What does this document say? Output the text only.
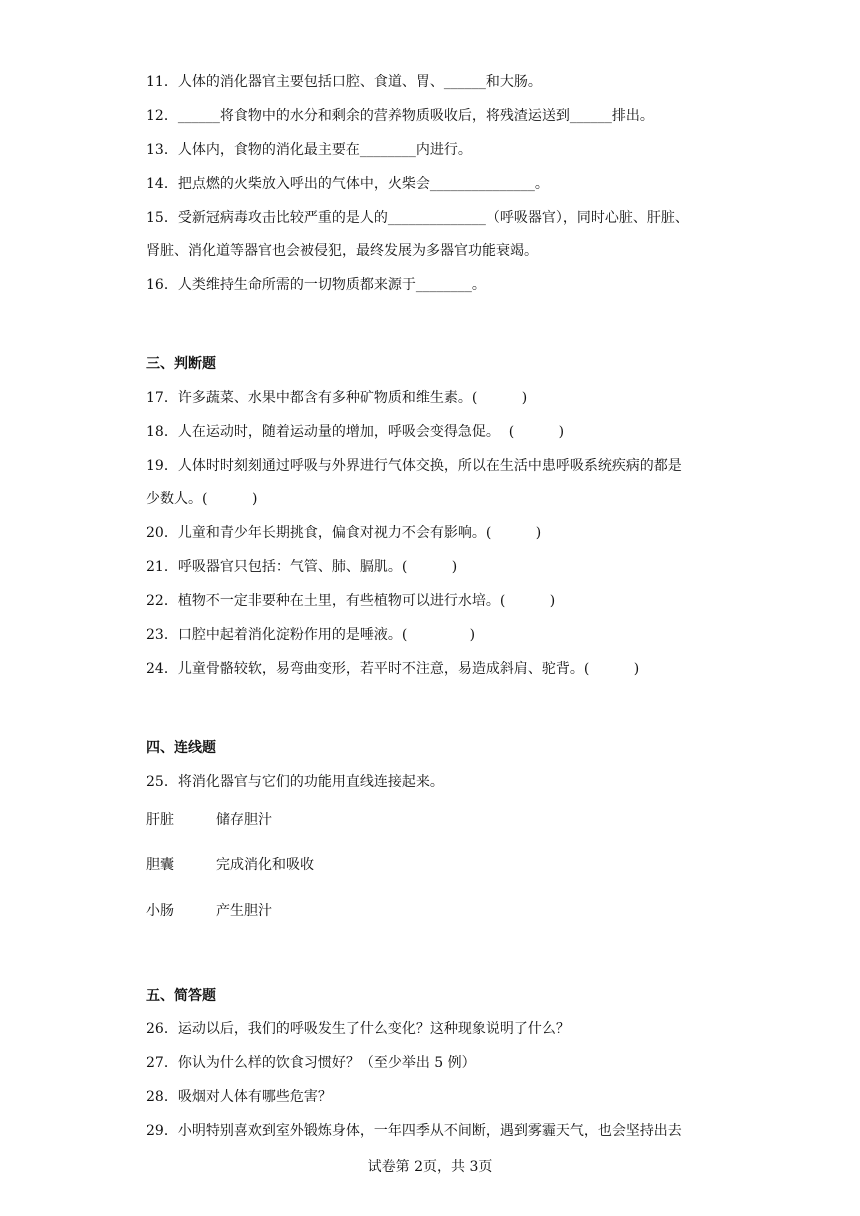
11．人体的消化器官主要包括口腔、食道、胃、______和大肠。
12．______将食物中的水分和剩余的营养物质吸收后，将残渣运送到______排出。
13．人体内，食物的消化最主要在________内进行。
14．把点燃的火柴放入呼出的气体中，火柴会_______________。
15．受新冠病毒攻击比较严重的是人的______________（呼吸器官），同时心脏、肝脏、
肾脏、消化道等器官也会被侵犯，最终发展为多器官功能衰竭。
16．人类维持生命所需的一切物质都来源于________。
三、判断题
17．许多蔬菜、水果中都含有多种矿物质和维生素。(          )
18．人在运动时，随着运动量的增加，呼吸会变得急促。  (          )
19．人体时时刻刻通过呼吸与外界进行气体交换，所以在生活中患呼吸系统疾病的都是
少数人。(          )
20．儿童和青少年长期挑食，偏食对视力不会有影响。(          )
21．呼吸器官只包括：气管、肺、膈肌。(          )
22．植物不一定非要种在土里，有些植物可以进行水培。(          )
23．口腔中起着消化淀粉作用的是唾液。(              )
24．儿童骨骼较软，易弯曲变形，若平时不注意，易造成斜肩、驼背。(          )
四、连线题
25．将消化器官与它们的功能用直线连接起来。
肝脏	储存胆汁
胆囊	完成消化和吸收
小肠	产生胆汁
五、简答题
26．运动以后，我们的呼吸发生了什么变化？这种现象说明了什么？
27．你认为什么样的饮食习惯好？（至少举出 5 例）
28．吸烟对人体有哪些危害？
29．小明特别喜欢到室外锻炼身体，一年四季从不间断，遇到雾霾天气，也会坚持出去
试卷第 2页，共 3页
